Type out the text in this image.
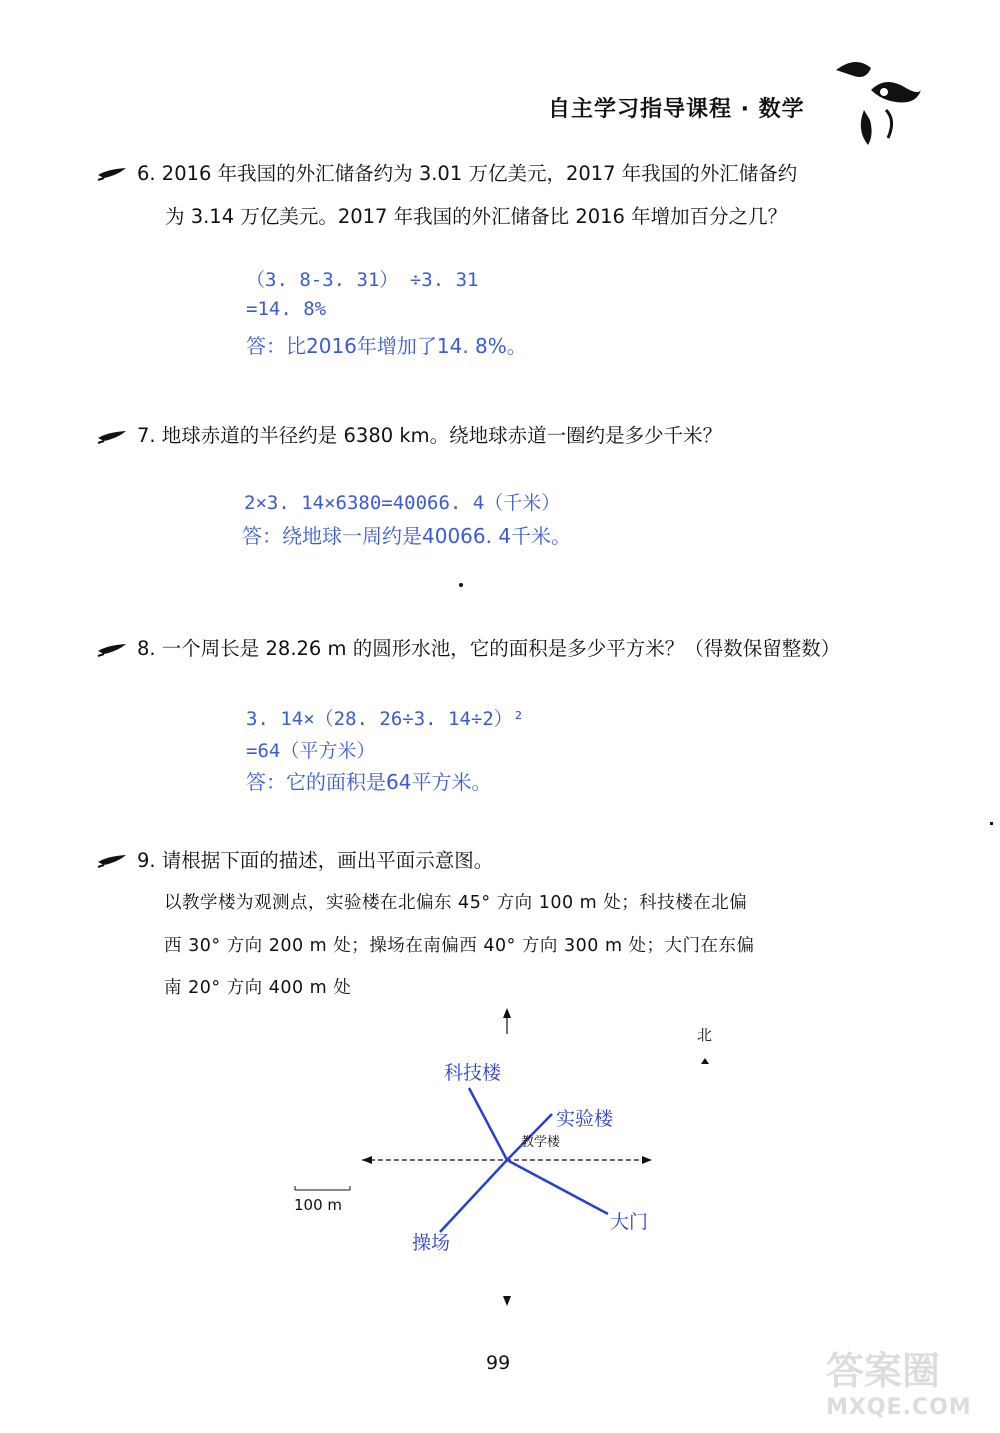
自主学习指导课程 · 数学
6. 2016 年我国的外汇储备约为 3.01 万亿美元，2017 年我国的外汇储备约
为 3.14 万亿美元。2017 年我国的外汇储备比 2016 年增加百分之几？
（3. 8-3. 31） ÷3. 31
=14. 8%
答：比2016年增加了14. 8%。
7. 地球赤道的半径约是 6380 km。绕地球赤道一圈约是多少千米？
2×3. 14×6380=40066. 4（千米）
答：绕地球一周约是40066. 4千米。
8. 一个周长是 28.26 m 的圆形水池，它的面积是多少平方米？（得数保留整数）
3. 14×（28. 26÷3. 14÷2）²
=64（平方米）
答：它的面积是64平方米。
9. 请根据下面的描述，画出平面示意图。
以教学楼为观测点，实验楼在北偏东 45° 方向 100 m 处；科技楼在北偏
西 30° 方向 200 m 处；操场在南偏西 40° 方向 300 m 处；大门在东偏
南 20° 方向 400 m 处
北
科技楼
实验楼
教学楼
操场
大门
100 m
99	答案圈
MXQE.COM
